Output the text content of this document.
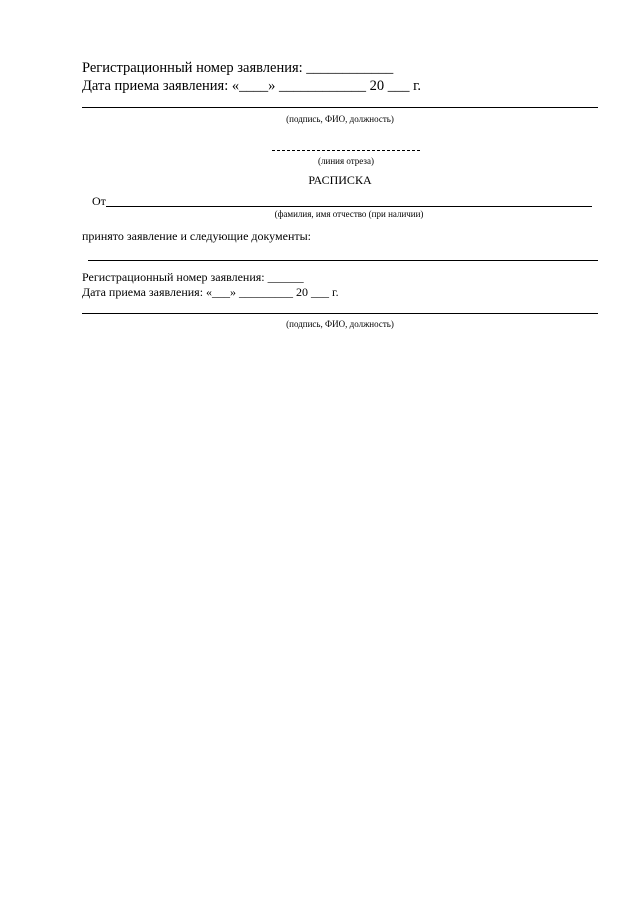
Регистрационный номер заявления: ____________
Дата приема заявления: «____» ____________ 20 ___ г.
(подпись, ФИО, должность)
(линия отреза)
РАСПИСКА
От
(фамилия, имя отчество (при наличии)
принято заявление и следующие документы:
Регистрационный номер заявления: ______
Дата приема заявления: «___» _________ 20 ___ г.
(подпись, ФИО, должность)
